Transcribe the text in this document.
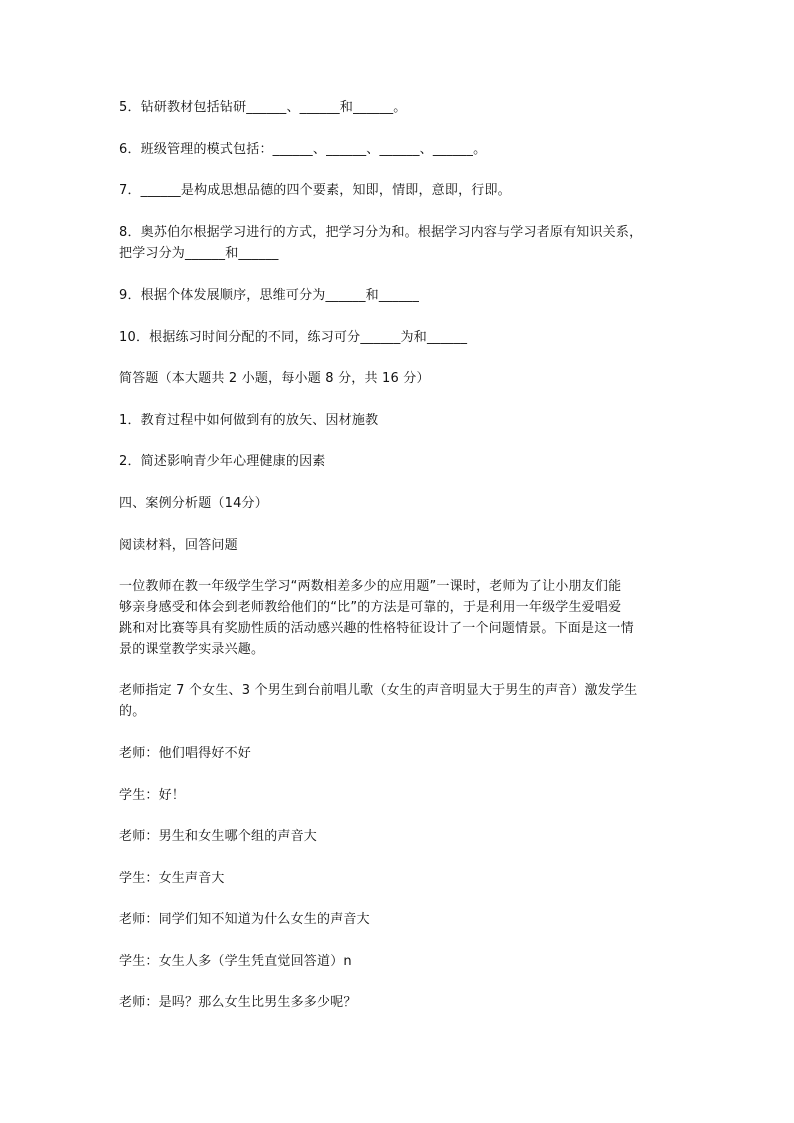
5．钻研教材包括钻研______、______和______。
6．班级管理的模式包括：______、______、______、______。
7．______是构成思想品德的四个要素，知即，情即，意即，行即。
8．奥苏伯尔根据学习进行的方式，把学习分为和。根据学习内容与学习者原有知识关系，
把学习分为______和______
9．根据个体发展顺序，思维可分为______和______
10．根据练习时间分配的不同，练习可分______为和______
简答题（本大题共 2 小题，每小题 8 分，共 16 分）
1．教育过程中如何做到有的放矢、因材施教
2．简述影响青少年心理健康的因素
四、案例分析题（14分）
阅读材料，回答问题
一位教师在教一年级学生学习“两数相差多少的应用题”一课时，老师为了让小朋友们能
够亲身感受和体会到老师教给他们的“比”的方法是可靠的，于是利用一年级学生爱唱爱
跳和对比赛等具有奖励性质的活动感兴趣的性格特征设计了一个问题情景。下面是这一情
景的课堂教学实录兴趣。
老师指定 7 个女生、3 个男生到台前唱儿歌（女生的声音明显大于男生的声音）激发学生
的。
老师：他们唱得好不好
学生：好！
老师：男生和女生哪个组的声音大
学生：女生声音大
老师：同学们知不知道为什么女生的声音大
学生：女生人多（学生凭直觉回答道）n
老师：是吗？那么女生比男生多多少呢？
